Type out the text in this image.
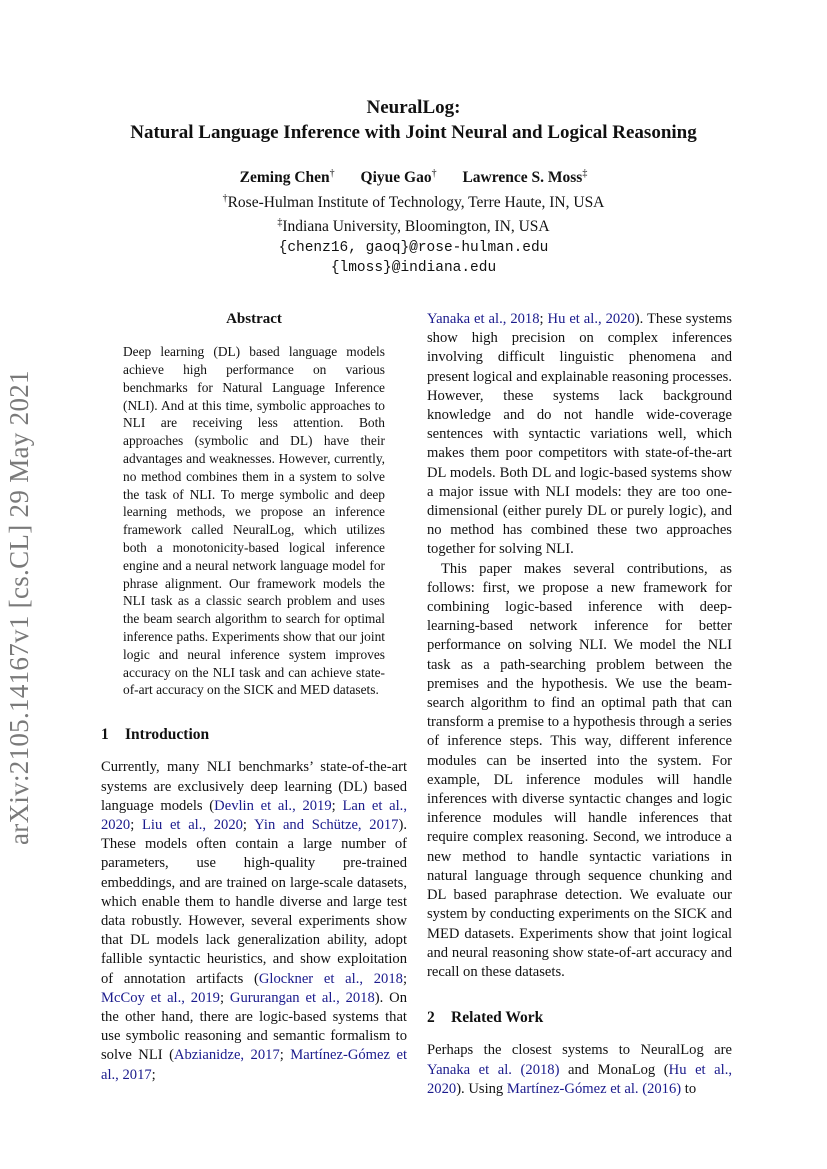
arXiv:2105.14167v1 [cs.CL] 29 May 2021
NeuralLog:
Natural Language Inference with Joint Neural and Logical Reasoning
Zeming Chen† Qiyue Gao† Lawrence S. Moss‡
†Rose-Hulman Institute of Technology, Terre Haute, IN, USA
‡Indiana University, Bloomington, IN, USA
{chenz16, gaoq}@rose-hulman.edu
{lmoss}@indiana.edu
Abstract

Deep learning (DL) based language models achieve high performance on various benchmarks for Natural Language Inference (NLI). And at this time, symbolic approaches to NLI are receiving less attention. Both approaches (symbolic and DL) have their advantages and weaknesses. However, currently, no method combines them in a system to solve the task of NLI. To merge symbolic and deep learning methods, we propose an inference framework called NeuralLog, which utilizes both a monotonicity-based logical inference engine and a neural network language model for phrase alignment. Our framework models the NLI task as a classic search problem and uses the beam search algorithm to search for optimal inference paths. Experiments show that our joint logic and neural inference system improves accuracy on the NLI task and can achieve state-of-art accuracy on the SICK and MED datasets.

1 Introduction

Currently, many NLI benchmarks’ state-of-the-art systems are exclusively deep learning (DL) based language models (Devlin et al., 2019; Lan et al., 2020; Liu et al., 2020; Yin and Schütze, 2017). These models often contain a large number of parameters, use high-quality pre-trained embeddings, and are trained on large-scale datasets, which enable them to handle diverse and large test data robustly. However, several experiments show that DL models lack generalization ability, adopt fallible syntactic heuristics, and show exploitation of annotation artifacts (Glockner et al., 2018; McCoy et al., 2019; Gururangan et al., 2018). On the other hand, there are logic-based systems that use symbolic reasoning and semantic formalism to solve NLI (Abzianidze, 2017; Martínez-Gómez et al., 2017;

Yanaka et al., 2018; Hu et al., 2020). These systems show high precision on complex inferences involving difficult linguistic phenomena and present logical and explainable reasoning processes. However, these systems lack background knowledge and do not handle wide-coverage sentences with syntactic variations well, which makes them poor competitors with state-of-the-art DL models. Both DL and logic-based systems show a major issue with NLI models: they are too one-dimensional (either purely DL or purely logic), and no method has combined these two approaches together for solving NLI.

This paper makes several contributions, as follows: first, we propose a new framework for combining logic-based inference with deep-learning-based network inference for better performance on solving NLI. We model the NLI task as a path-searching problem between the premises and the hypothesis. We use the beam-search algorithm to find an optimal path that can transform a premise to a hypothesis through a series of inference steps. This way, different inference modules can be inserted into the system. For example, DL inference modules will handle inferences with diverse syntactic changes and logic inference modules will handle inferences that require complex reasoning. Second, we introduce a new method to handle syntactic variations in natural language through sequence chunking and DL based paraphrase detection. We evaluate our system by conducting experiments on the SICK and MED datasets. Experiments show that joint logical and neural reasoning show state-of-art accuracy and recall on these datasets.

2 Related Work

Perhaps the closest systems to NeuralLog are Yanaka et al. (2018) and MonaLog (Hu et al., 2020). Using Martínez-Gómez et al. (2016) to
